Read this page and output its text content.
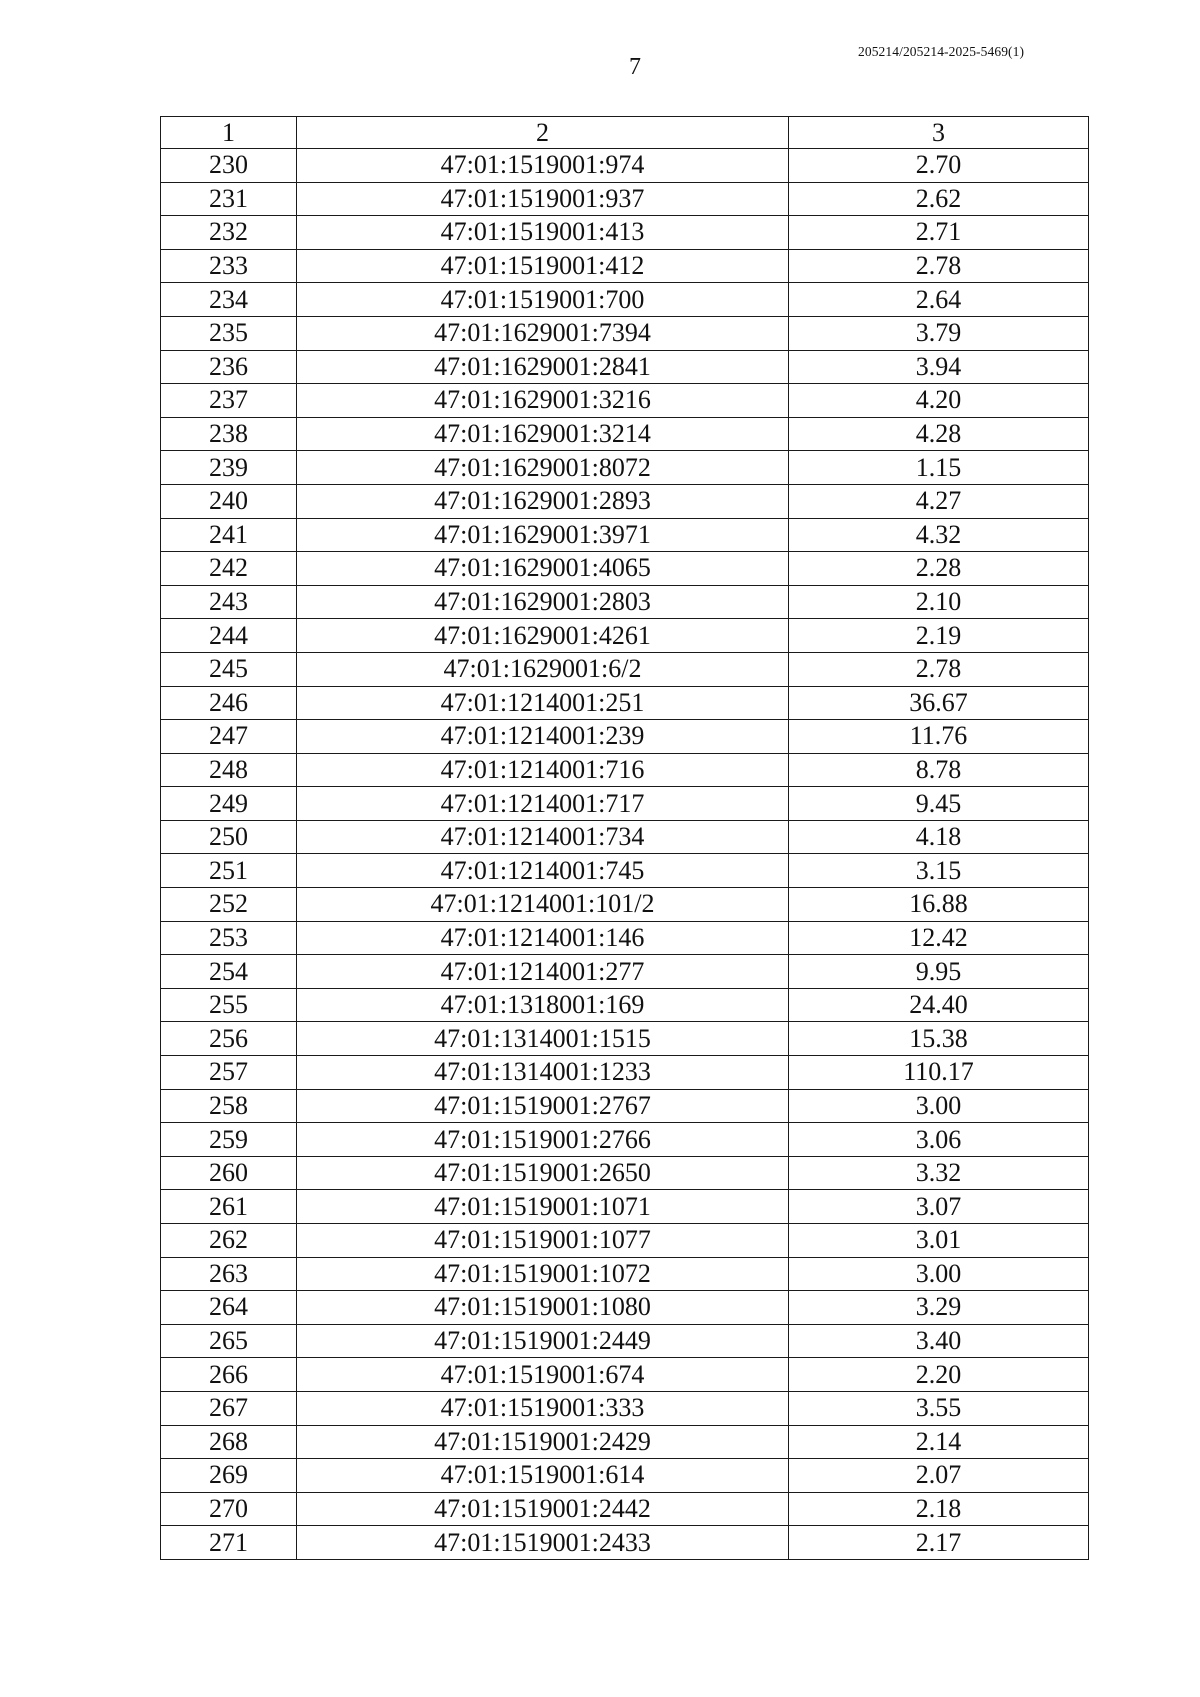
7
205214/205214-2025-5469(1)
1	2	3
230	47:01:1519001:974	2.70
231	47:01:1519001:937	2.62
232	47:01:1519001:413	2.71
233	47:01:1519001:412	2.78
234	47:01:1519001:700	2.64
235	47:01:1629001:7394	3.79
236	47:01:1629001:2841	3.94
237	47:01:1629001:3216	4.20
238	47:01:1629001:3214	4.28
239	47:01:1629001:8072	1.15
240	47:01:1629001:2893	4.27
241	47:01:1629001:3971	4.32
242	47:01:1629001:4065	2.28
243	47:01:1629001:2803	2.10
244	47:01:1629001:4261	2.19
245	47:01:1629001:6/2	2.78
246	47:01:1214001:251	36.67
247	47:01:1214001:239	11.76
248	47:01:1214001:716	8.78
249	47:01:1214001:717	9.45
250	47:01:1214001:734	4.18
251	47:01:1214001:745	3.15
252	47:01:1214001:101/2	16.88
253	47:01:1214001:146	12.42
254	47:01:1214001:277	9.95
255	47:01:1318001:169	24.40
256	47:01:1314001:1515	15.38
257	47:01:1314001:1233	110.17
258	47:01:1519001:2767	3.00
259	47:01:1519001:2766	3.06
260	47:01:1519001:2650	3.32
261	47:01:1519001:1071	3.07
262	47:01:1519001:1077	3.01
263	47:01:1519001:1072	3.00
264	47:01:1519001:1080	3.29
265	47:01:1519001:2449	3.40
266	47:01:1519001:674	2.20
267	47:01:1519001:333	3.55
268	47:01:1519001:2429	2.14
269	47:01:1519001:614	2.07
270	47:01:1519001:2442	2.18
271	47:01:1519001:2433	2.17
